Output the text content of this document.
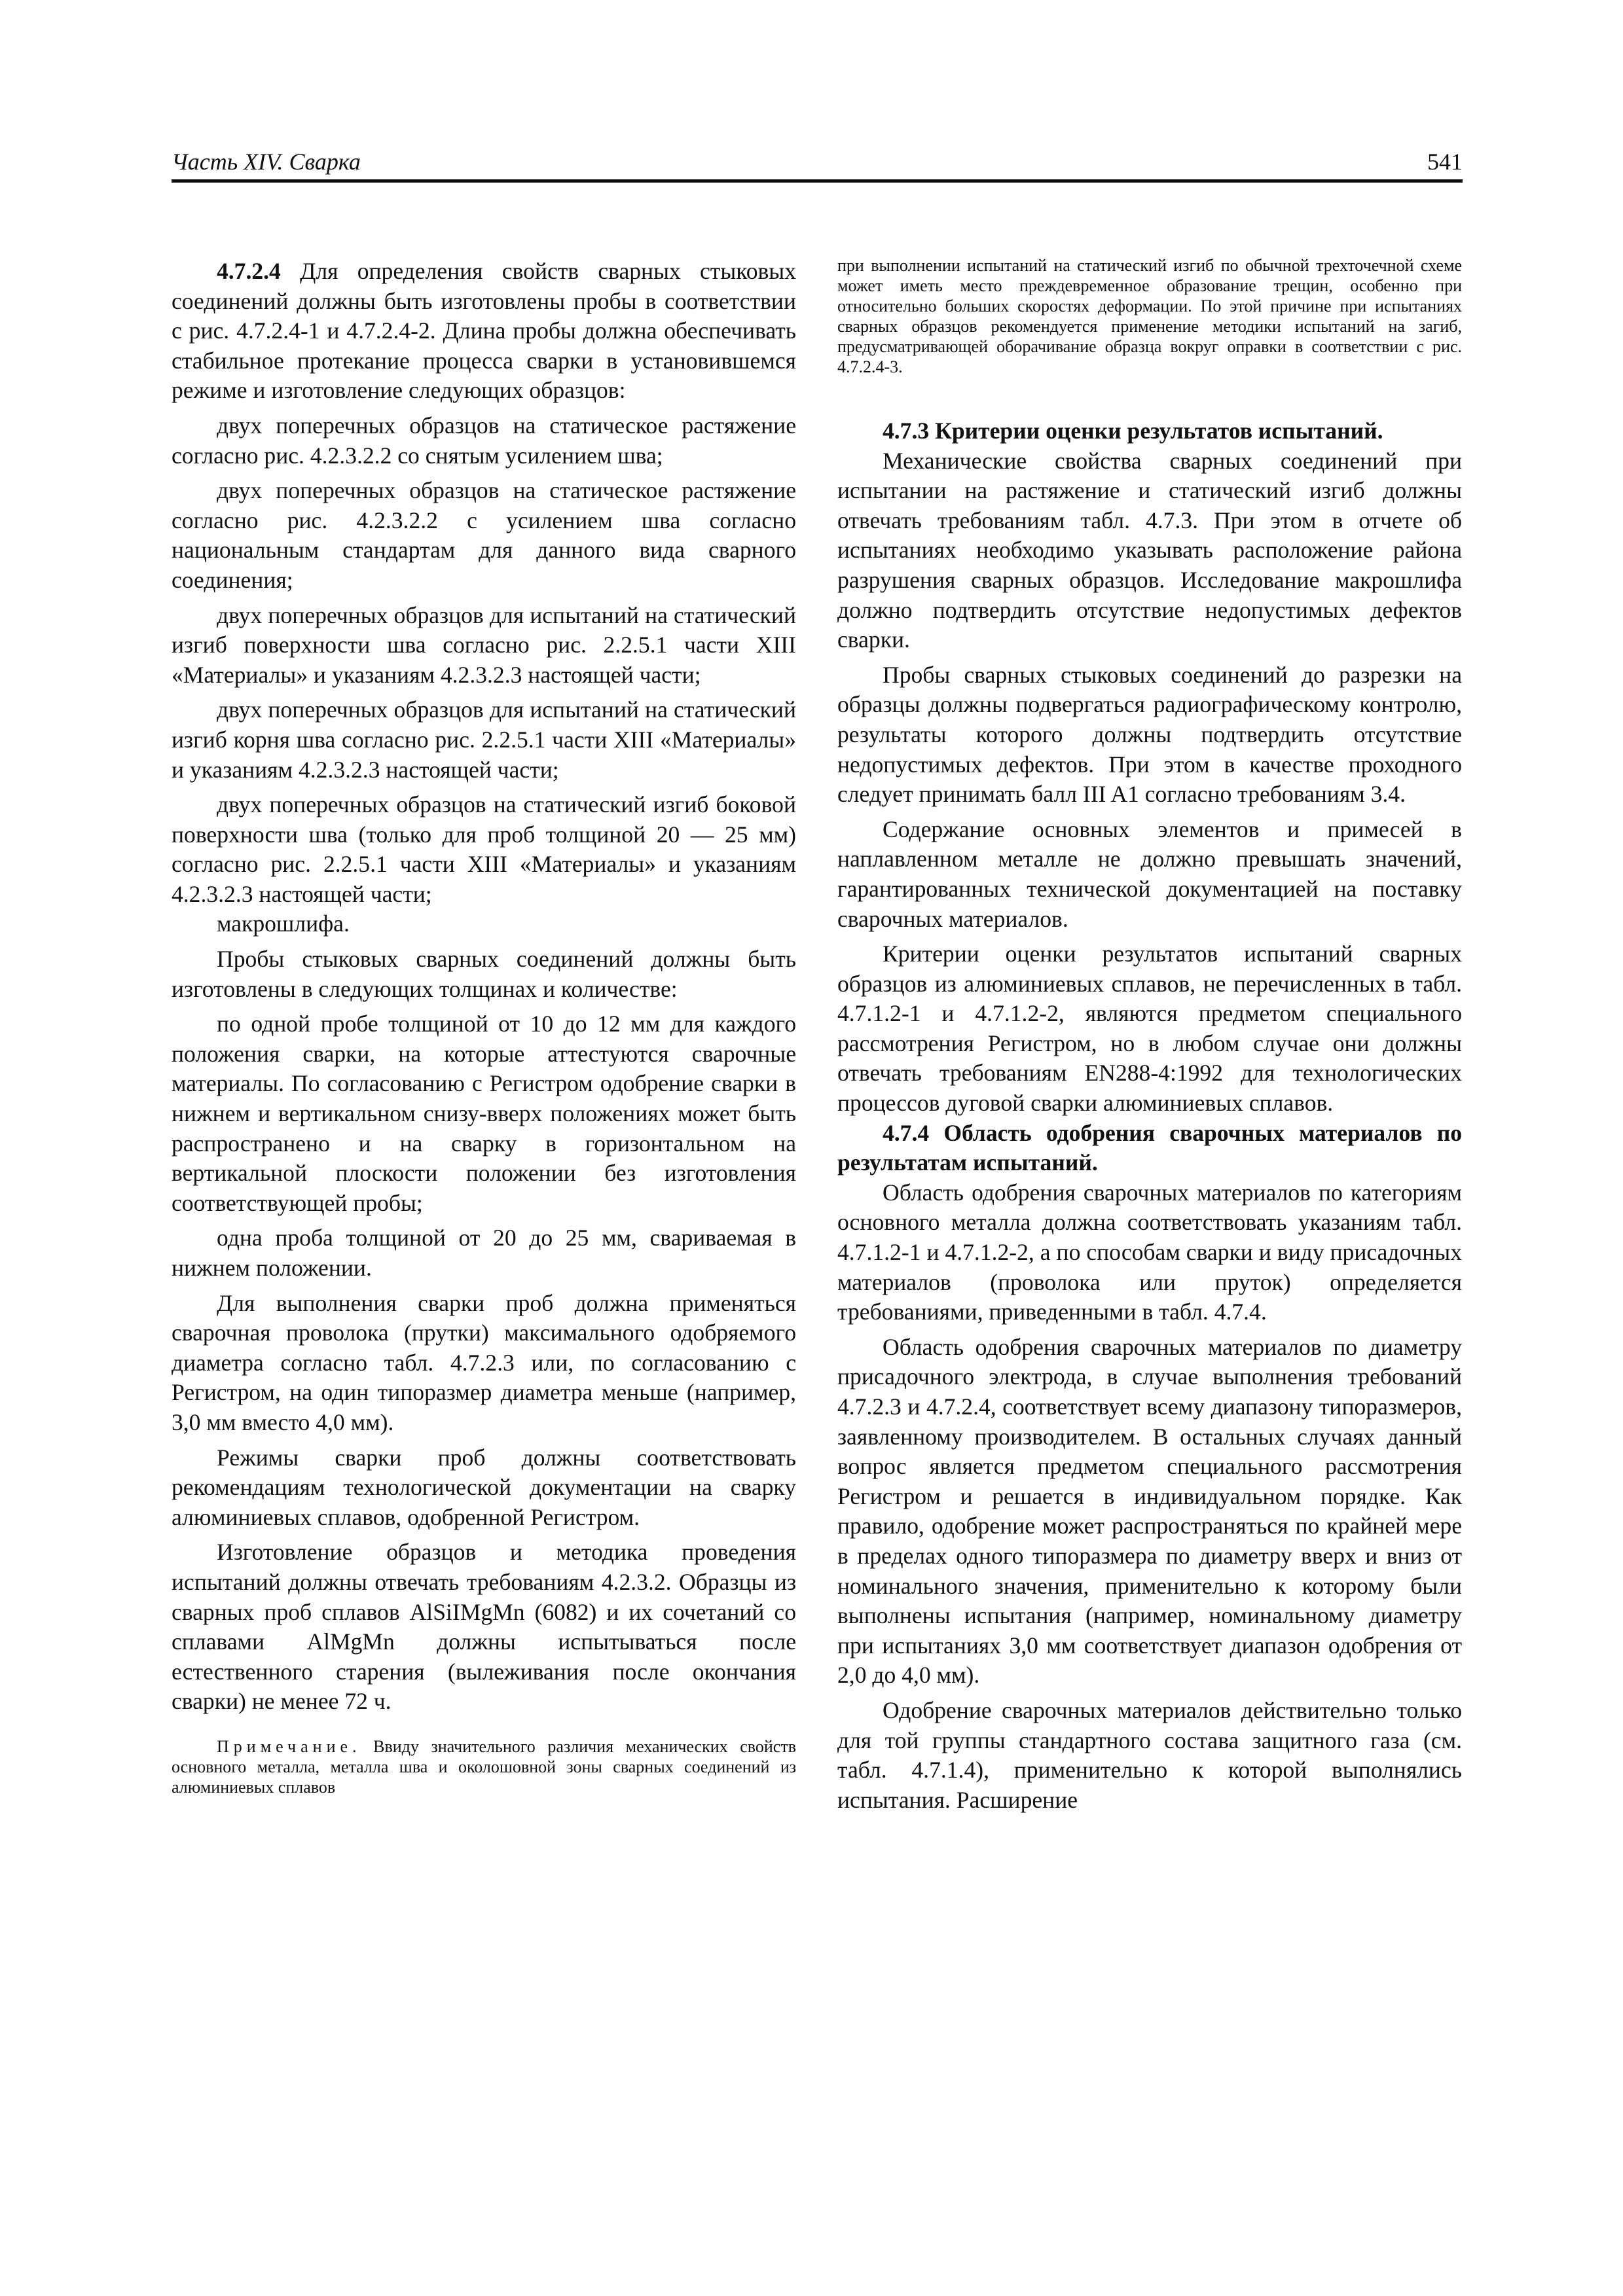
Часть XIV. Сварка	541

4.7.2.4 Для определения свойств сварных стыковых соединений должны быть изготовлены пробы в соответствии с рис. 4.7.2.4-1 и 4.7.2.4-2. Длина пробы должна обеспечивать стабильное протекание процесса сварки в установившемся режиме и изготовление следующих образцов:

двух поперечных образцов на статическое растяжение согласно рис. 4.2.3.2.2 со снятым усилением шва;

двух поперечных образцов на статическое растяжение согласно рис. 4.2.3.2.2 с усилением шва согласно национальным стандартам для данного вида сварного соединения;

двух поперечных образцов для испытаний на статический изгиб поверхности шва согласно рис. 2.2.5.1 части XIII «Материалы» и указаниям 4.2.3.2.3 настоящей части;

двух поперечных образцов для испытаний на статический изгиб корня шва согласно рис. 2.2.5.1 части XIII «Материалы» и указаниям 4.2.3.2.3 настоящей части;

двух поперечных образцов на статический изгиб боковой поверхности шва (только для проб толщиной 20 — 25 мм) согласно рис. 2.2.5.1 части XIII «Материалы» и указаниям 4.2.3.2.3 настоящей части;

макрошлифа.

Пробы стыковых сварных соединений должны быть изготовлены в следующих толщинах и количестве:

по одной пробе толщиной от 10 до 12 мм для каждого положения сварки, на которые аттестуются сварочные материалы. По согласованию с Регистром одобрение сварки в нижнем и вертикальном снизу-вверх положениях может быть распространено и на сварку в горизонтальном на вертикальной плоскости положении без изготовления соответствующей пробы;

одна проба толщиной от 20 до 25 мм, свариваемая в нижнем положении.

Для выполнения сварки проб должна применяться сварочная проволока (прутки) максимального одобряемого диаметра согласно табл. 4.7.2.3 или, по согласованию с Регистром, на один типоразмер диаметра меньше (например, 3,0 мм вместо 4,0 мм).

Режимы сварки проб должны соответствовать рекомендациям технологической документации на сварку алюминиевых сплавов, одобренной Регистром.

Изготовление образцов и методика проведения испытаний должны отвечать требованиям 4.2.3.2. Образцы из сварных проб сплавов AlSiIMgMn (6082) и их сочетаний со сплавами AlMgMn должны испытываться после естественного старения (вылеживания после окончания сварки) не менее 72 ч.

Примечание. Ввиду значительного различия механических свойств основного металла, металла шва и околошовной зоны сварных соединений из алюминиевых сплавов

при выполнении испытаний на статический изгиб по обычной трехточечной схеме может иметь место преждевременное образование трещин, особенно при относительно больших скоростях деформации. По этой причине при испытаниях сварных образцов рекомендуется применение методики испытаний на загиб, предусматривающей оборачивание образца вокруг оправки в соответствии с рис. 4.7.2.4-3.

4.7.3 Критерии оценки результатов испытаний.

Механические свойства сварных соединений при испытании на растяжение и статический изгиб должны отвечать требованиям табл. 4.7.3. При этом в отчете об испытаниях необходимо указывать расположение района разрушения сварных образцов. Исследование макрошлифа должно подтвердить отсутствие недопустимых дефектов сварки.

Пробы сварных стыковых соединений до разрезки на образцы должны подвергаться радиографическому контролю, результаты которого должны подтвердить отсутствие недопустимых дефектов. При этом в качестве проходного следует принимать балл III A1 согласно требованиям 3.4.

Содержание основных элементов и примесей в наплавленном металле не должно превышать значений, гарантированных технической документацией на поставку сварочных материалов.

Критерии оценки результатов испытаний сварных образцов из алюминиевых сплавов, не перечисленных в табл. 4.7.1.2-1 и 4.7.1.2-2, являются предметом специального рассмотрения Регистром, но в любом случае они должны отвечать требованиям EN288-4:1992 для технологических процессов дуговой сварки алюминиевых сплавов.

4.7.4 Область одобрения сварочных материалов по результатам испытаний.

Область одобрения сварочных материалов по категориям основного металла должна соответствовать указаниям табл. 4.7.1.2-1 и 4.7.1.2-2, а по способам сварки и виду присадочных материалов (проволока или пруток) определяется требованиями, приведенными в табл. 4.7.4.

Область одобрения сварочных материалов по диаметру присадочного электрода, в случае выполнения требований 4.7.2.3 и 4.7.2.4, соответствует всему диапазону типоразмеров, заявленному производителем. В остальных случаях данный вопрос является предметом специального рассмотрения Регистром и решается в индивидуальном порядке. Как правило, одобрение может распространяться по крайней мере в пределах одного типоразмера по диаметру вверх и вниз от номинального значения, применительно к которому были выполнены испытания (например, номинальному диаметру при испытаниях 3,0 мм соответствует диапазон одобрения от 2,0 до 4,0 мм).

Одобрение сварочных материалов действительно только для той группы стандартного состава защитного газа (см. табл. 4.7.1.4), применительно к которой выполнялись испытания. Расширение
